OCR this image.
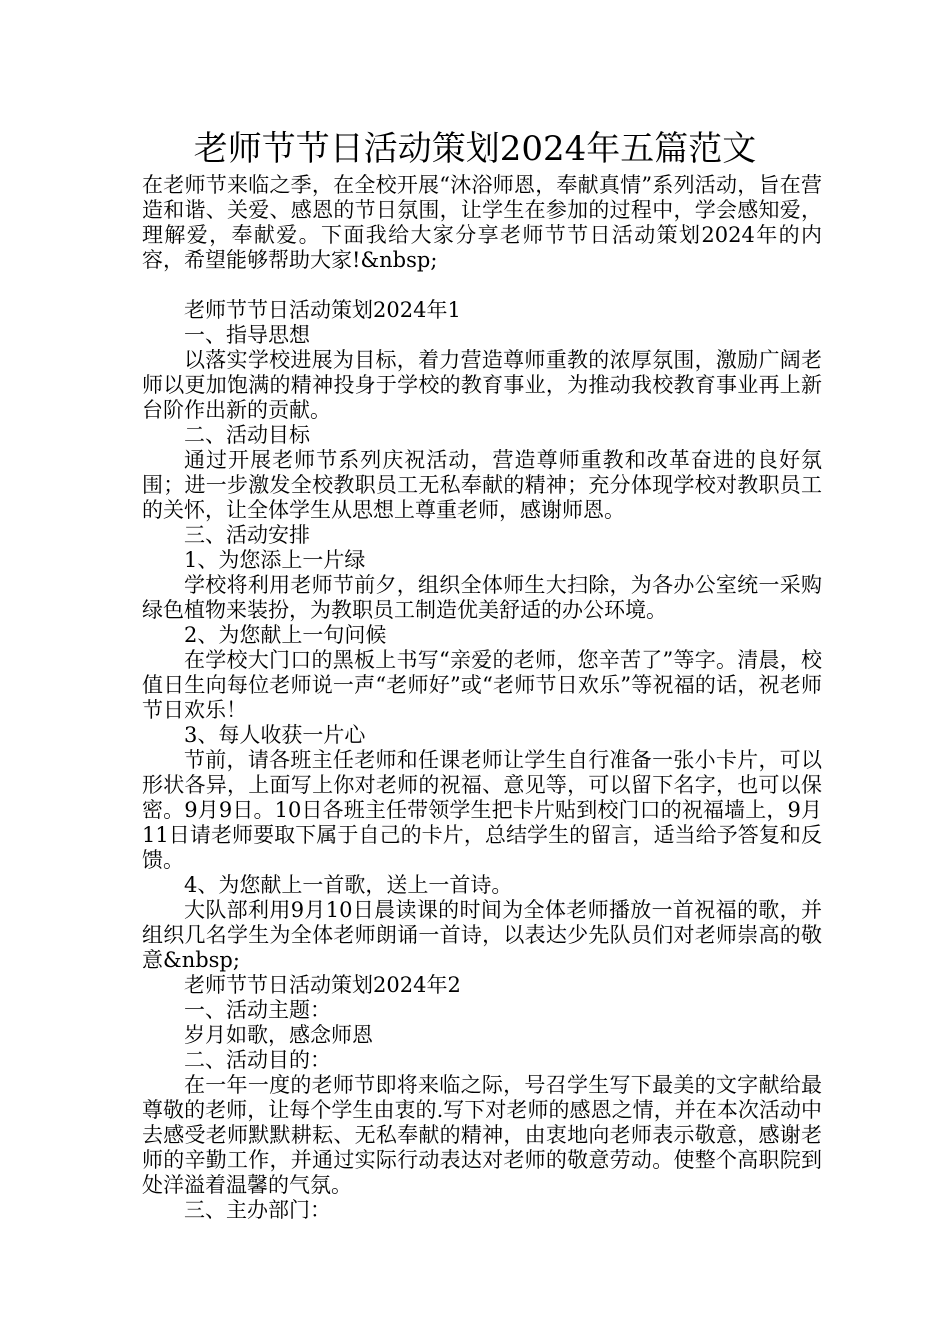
老师节节日活动策划2024年五篇范文

在老师节来临之季，在全校开展“沐浴师恩，奉献真情”系列活动，旨在营造和谐、关爱、感恩的节日氛围，让学生在参加的过程中，学会感知爱，理解爱，奉献爱。下面我给大家分享老师节节日活动策划2024年的内容，希望能够帮助大家!&nbsp;

老师节节日活动策划2024年1

一、指导思想

以落实学校进展为目标，着力营造尊师重教的浓厚氛围，激励广阔老师以更加饱满的精神投身于学校的教育事业，为推动我校教育事业再上新台阶作出新的贡献。

二、活动目标

通过开展老师节系列庆祝活动，营造尊师重教和改革奋进的良好氛围；进一步激发全校教职员工无私奉献的精神；充分体现学校对教职员工的关怀，让全体学生从思想上尊重老师，感谢师恩。

三、活动安排

1、为您添上一片绿

学校将利用老师节前夕，组织全体师生大扫除，为各办公室统一采购绿色植物来装扮，为教职员工制造优美舒适的办公环境。

2、为您献上一句问候

在学校大门口的黑板上书写“亲爱的老师，您辛苦了”等字。清晨，校值日生向每位老师说一声“老师好”或“老师节日欢乐”等祝福的话，祝老师节日欢乐！

3、每人收获一片心

节前，请各班主任老师和任课老师让学生自行准备一张小卡片，可以形状各异，上面写上你对老师的祝福、意见等，可以留下名字，也可以保密。9月9日。10日各班主任带领学生把卡片贴到校门口的祝福墙上，9月11日请老师要取下属于自己的卡片，总结学生的留言，适当给予答复和反馈。

4、为您献上一首歌，送上一首诗。

大队部利用9月10日晨读课的时间为全体老师播放一首祝福的歌，并组织几名学生为全体老师朗诵一首诗，以表达少先队员们对老师崇高的敬意&nbsp;

老师节节日活动策划2024年2

一、活动主题：

岁月如歌，感念师恩

二、活动目的：

在一年一度的老师节即将来临之际，号召学生写下最美的文字献给最尊敬的老师，让每个学生由衷的.写下对老师的感恩之情，并在本次活动中去感受老师默默耕耘、无私奉献的精神，由衷地向老师表示敬意，感谢老师的辛勤工作，并通过实际行动表达对老师的敬意劳动。使整个高职院到处洋溢着温馨的气氛。

三、主办部门：
